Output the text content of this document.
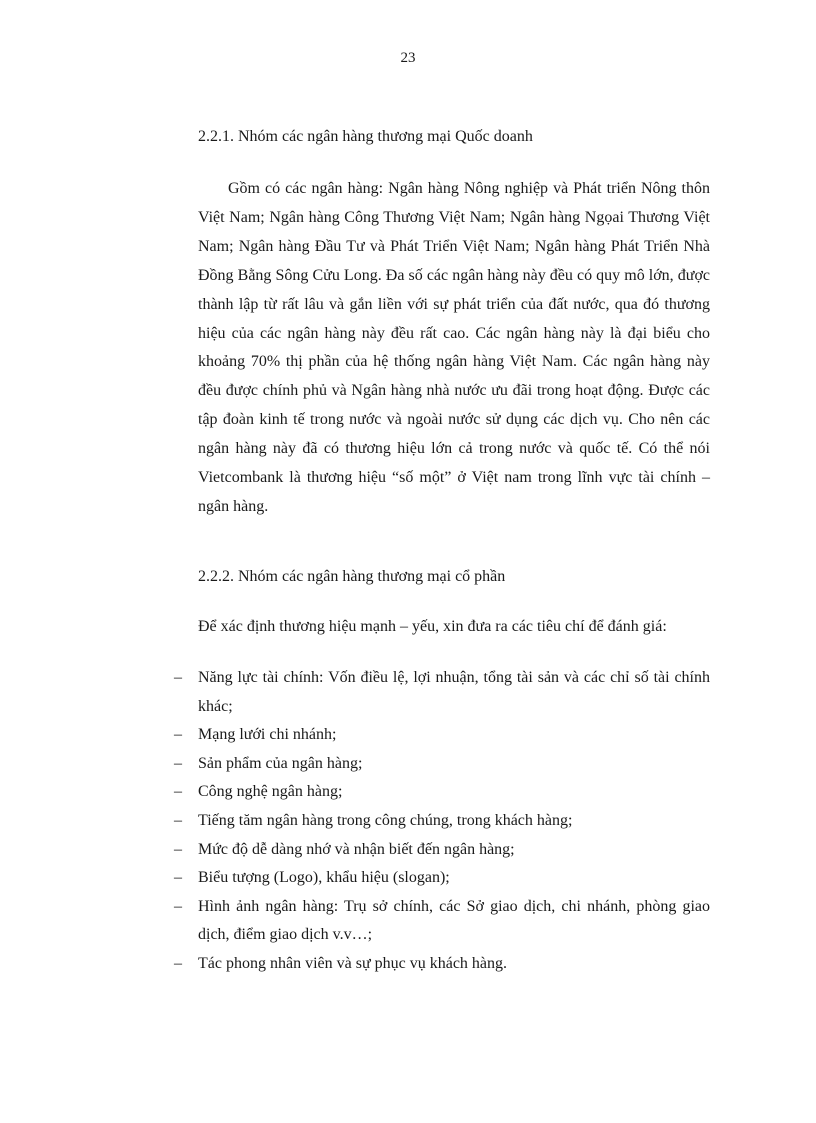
23
2.2.1. Nhóm các ngân hàng thương mại Quốc doanh

Gồm có các ngân hàng: Ngân hàng Nông nghiệp và Phát triển Nông thôn Việt Nam; Ngân hàng Công Thương Việt Nam; Ngân hàng Ngọai Thương Việt Nam; Ngân hàng Đầu Tư và Phát Triển Việt Nam; Ngân hàng Phát Triển Nhà Đồng Bằng Sông Cửu Long. Đa số các ngân hàng này đều có quy mô lớn, được thành lập từ rất lâu và gắn liền với sự phát triển của đất nước, qua đó thương hiệu của các ngân hàng này đều rất cao. Các ngân hàng này là đại biểu cho khoảng 70% thị phần của hệ thống ngân hàng Việt Nam. Các ngân hàng này đều được chính phủ và Ngân hàng nhà nước ưu đãi trong hoạt động. Được các tập đoàn kinh tế trong nước và ngoài nước sử dụng các dịch vụ. Cho nên các ngân hàng này đã có thương hiệu lớn cả trong nước và quốc tế. Có thể nói Vietcombank là thương hiệu “số một” ở Việt nam trong lĩnh vực tài chính – ngân hàng.

2.2.2. Nhóm các ngân hàng thương mại cổ phần
Để xác định thương hiệu mạnh – yếu, xin đưa ra các tiêu chí để đánh giá:
– Năng lực tài chính: Vốn điều lệ, lợi nhuận, tổng tài sản và các chỉ số tài chính khác;
– Mạng lưới chi nhánh;
– Sản phẩm của ngân hàng;
– Công nghệ ngân hàng;
– Tiếng tăm ngân hàng trong công chúng, trong khách hàng;
– Mức độ dễ dàng nhớ và nhận biết đến ngân hàng;
– Biểu tượng (Logo), khẩu hiệu (slogan);
– Hình ảnh ngân hàng: Trụ sở chính, các Sở giao dịch, chi nhánh, phòng giao dịch, điểm giao dịch v.v…;
– Tác phong nhân viên và sự phục vụ khách hàng.
